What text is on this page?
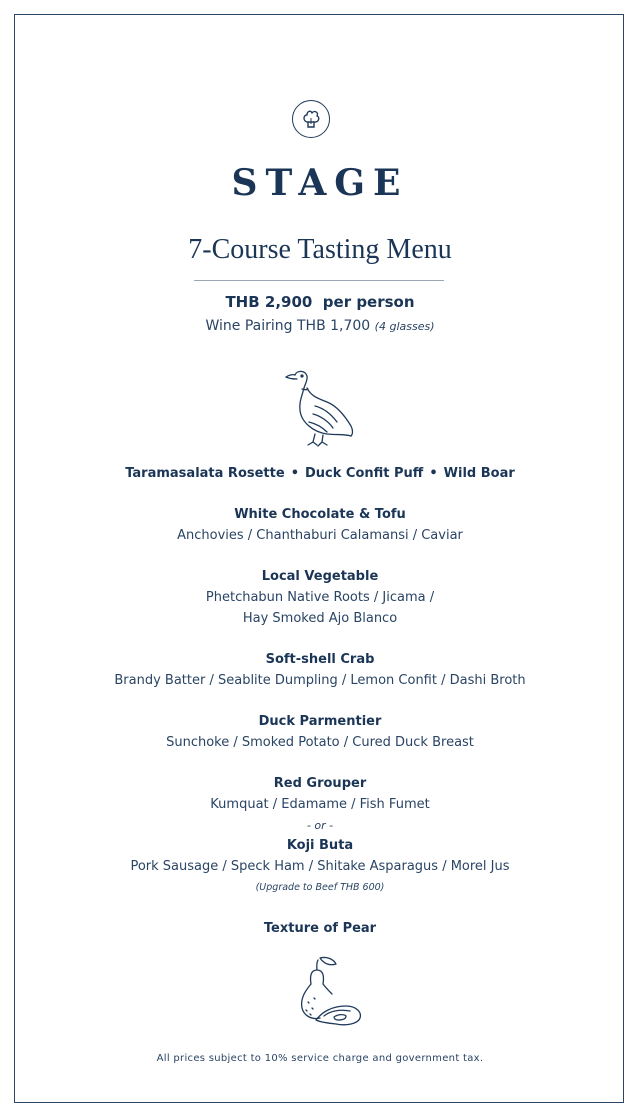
STAGE
7-Course Tasting Menu
THB 2,900  per person
Wine Pairing THB 1,700 (4 glasses)
Taramasalata Rosette • Duck Confit Puff • Wild Boar
White Chocolate & Tofu
Anchovies / Chanthaburi Calamansi / Caviar
Local Vegetable
Phetchabun Native Roots / Jicama /
Hay Smoked Ajo Blanco
Soft-shell Crab
Brandy Batter / Seablite Dumpling / Lemon Confit / Dashi Broth
Duck Parmentier
Sunchoke / Smoked Potato / Cured Duck Breast
Red Grouper
Kumquat / Edamame / Fish Fumet
- or -
Koji Buta
Pork Sausage / Speck Ham / Shitake Asparagus / Morel Jus
(Upgrade to Beef THB 600)
Texture of Pear
All prices subject to 10% service charge and government tax.
